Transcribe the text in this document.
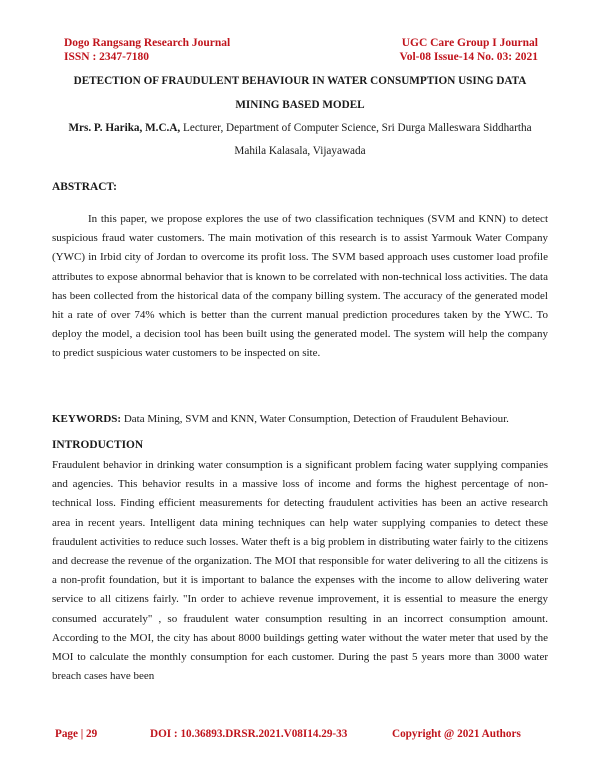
Dogo Rangsang Research Journal
ISSN : 2347-7180
UGC Care Group I Journal
Vol-08 Issue-14 No. 03: 2021
DETECTION OF FRAUDULENT BEHAVIOUR IN WATER CONSUMPTION USING DATA MINING BASED MODEL
Mrs. P. Harika, M.C.A, Lecturer, Department of Computer Science, Sri Durga Malleswara Siddhartha Mahila Kalasala, Vijayawada
ABSTRACT:

In this paper, we propose explores the use of two classification techniques (SVM and KNN) to detect suspicious fraud water customers. The main motivation of this research is to assist Yarmouk Water Company (YWC) in Irbid city of Jordan to overcome its profit loss. The SVM based approach uses customer load profile attributes to expose abnormal behavior that is known to be correlated with non-technical loss activities. The data has been collected from the historical data of the company billing system. The accuracy of the generated model hit a rate of over 74% which is better than the current manual prediction procedures taken by the YWC. To deploy the model, a decision tool has been built using the generated model. The system will help the company to predict suspicious water customers to be inspected on site.

KEYWORDS: Data Mining, SVM and KNN, Water Consumption, Detection of Fraudulent Behaviour.
INTRODUCTION

Fraudulent behavior in drinking water consumption is a significant problem facing water supplying companies and agencies. This behavior results in a massive loss of income and forms the highest percentage of non-technical loss. Finding efficient measurements for detecting fraudulent activities has been an active research area in recent years. Intelligent data mining techniques can help water supplying companies to detect these fraudulent activities to reduce such losses. Water theft is a big problem in distributing water fairly to the citizens and decrease the revenue of the organization. The MOI that responsible for water delivering to all the citizens is a non-profit foundation, but it is important to balance the expenses with the income to allow delivering water service to all citizens fairly. "In order to achieve revenue improvement, it is essential to measure the energy consumed accurately" , so fraudulent water consumption resulting in an incorrect consumption amount. According to the MOI, the city has about 8000 buildings getting water without the water meter that used by the MOI to calculate the monthly consumption for each customer. During the past 5 years more than 3000 water breach cases have been

Page | 29	DOI : 10.36893.DRSR.2021.V08I14.29-33	Copyright @ 2021 Authors
